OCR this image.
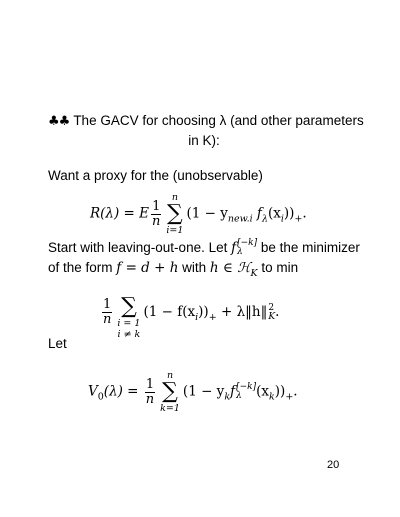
♣♣ The GACV for choosing λ (and other parameters
in K):

Want a proxy for the (unobservable)

R(λ) = E $\frac{1}{n}$
n
∑
i=1
($1 - y_{new.i}$ $f_\lambda(x_i))_+$.

Start with leaving-out-one. Let f [−k]
λ	be the minimizer

of the form f = d + h with h ∈ ℋ$_K$ to min

$\frac{1}{n}$
∑
i = 1
i ≠ k
$(1 - f(x_i))_+$ + λ‖h‖ 2
K .

Let

$V_0(\lambda) = \frac{1}{n}$
n
∑
k=1
($1 - y_kf$ [−k]
λ	$(x_k))_+$.

20
